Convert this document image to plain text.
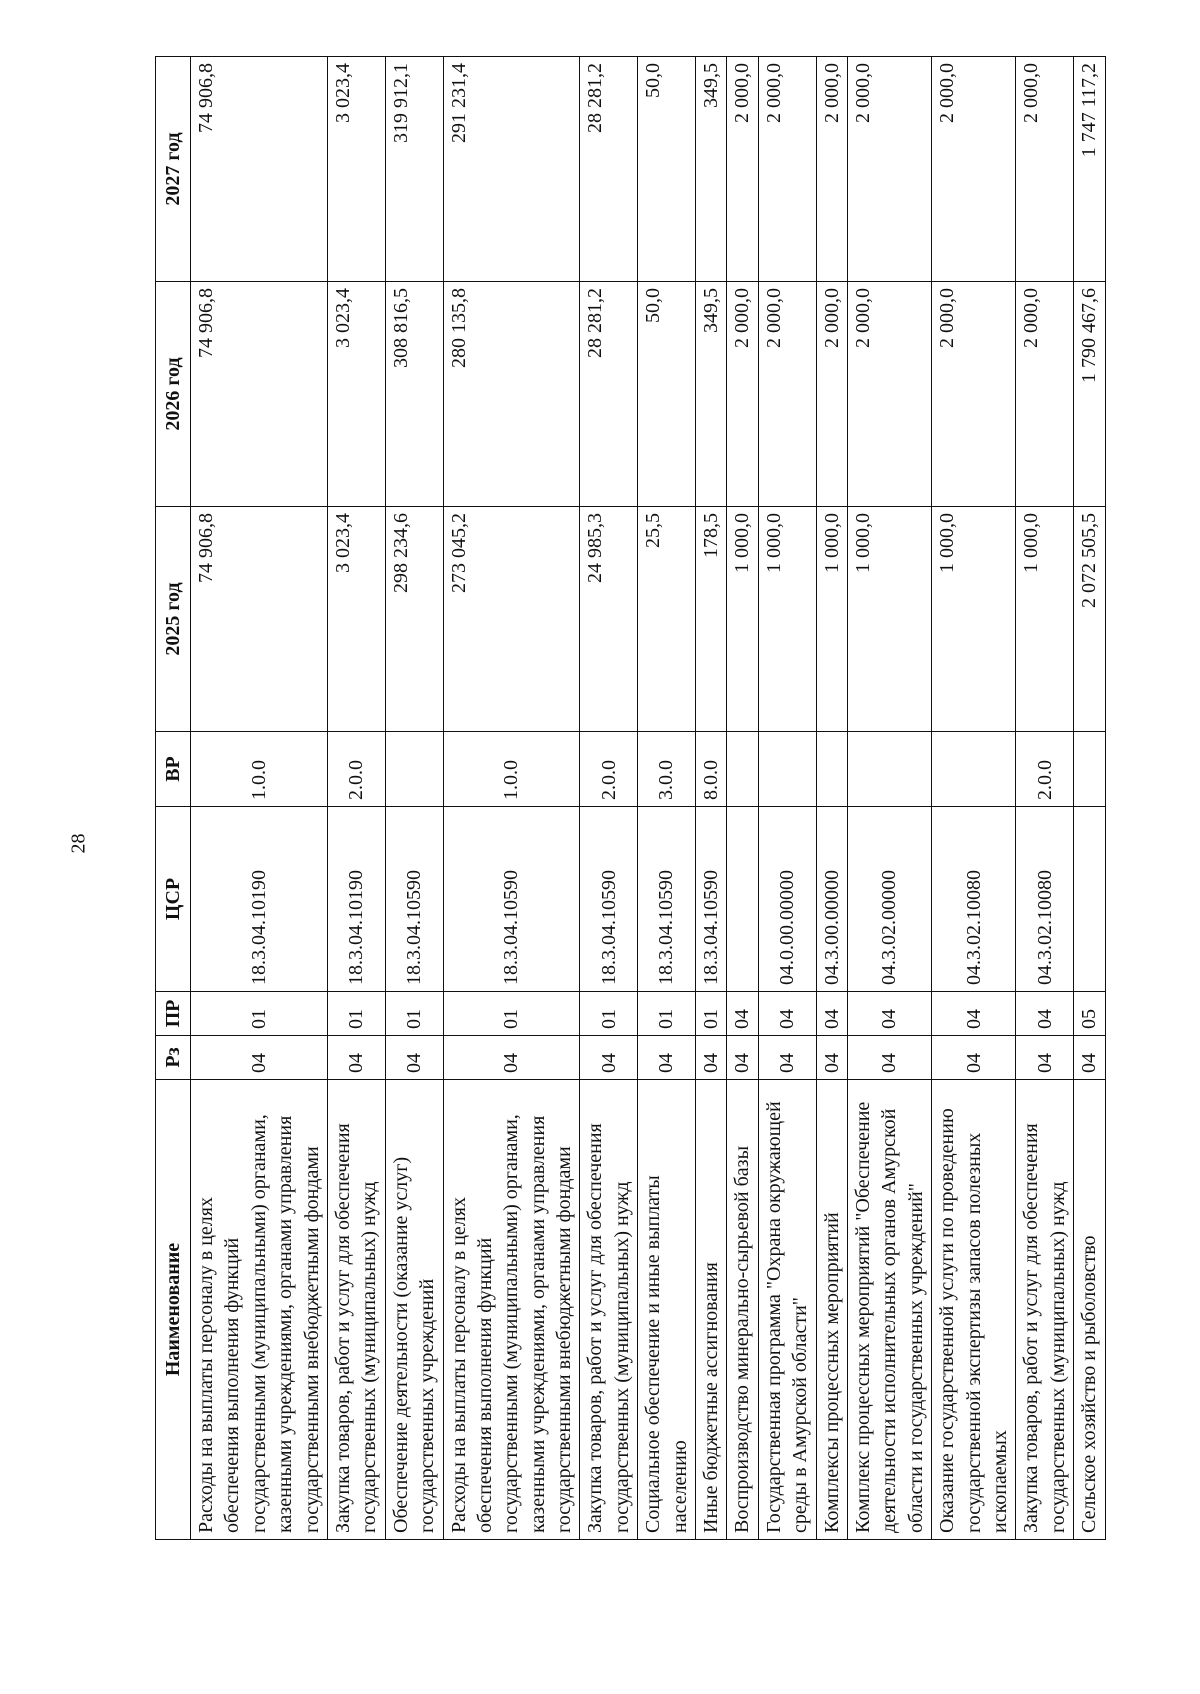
28
Наименование	Рз	ПР	ЦСР	ВР	2025 год	2026 год	2027 год
Расходы на выплаты персоналу в целях обеспечения выполнения функций государственными (муниципальными) органами, казенными учреждениями, органами управления государственными внебюджетными фондами	04	01	18.3.04.10190	1.0.0	74 906,8	74 906,8	74 906,8
Закупка товаров, работ и услуг для обеспечения государственных (муниципальных) нужд	04	01	18.3.04.10190	2.0.0	3 023,4	3 023,4	3 023,4
Обеспечение деятельности (оказание услуг) государственных учреждений	04	01	18.3.04.10590		298 234,6	308 816,5	319 912,1
Расходы на выплаты персоналу в целях обеспечения выполнения функций государственными (муниципальными) органами, казенными учреждениями, органами управления государственными внебюджетными фондами	04	01	18.3.04.10590	1.0.0	273 045,2	280 135,8	291 231,4
Закупка товаров, работ и услуг для обеспечения государственных (муниципальных) нужд	04	01	18.3.04.10590	2.0.0	24 985,3	28 281,2	28 281,2
Социальное обеспечение и иные выплаты населению	04	01	18.3.04.10590	3.0.0	25,5	50,0	50,0
Иные бюджетные ассигнования	04	01	18.3.04.10590	8.0.0	178,5	349,5	349,5
Воспроизводство минерально-сырьевой базы	04	04			1 000,0	2 000,0	2 000,0
Государственная программа "Охрана окружающей среды в Амурской области"	04	04	04.0.00.00000		1 000,0	2 000,0	2 000,0
Комплексы процессных мероприятий	04	04	04.3.00.00000		1 000,0	2 000,0	2 000,0
Комплекс процессных мероприятий "Обеспечение деятельности исполнительных органов Амурской области и государственных учреждений"	04	04	04.3.02.00000		1 000,0	2 000,0	2 000,0
Оказание государственной услуги по проведению государственной экспертизы запасов полезных ископаемых	04	04	04.3.02.10080		1 000,0	2 000,0	2 000,0
Закупка товаров, работ и услуг для обеспечения государственных (муниципальных) нужд	04	04	04.3.02.10080	2.0.0	1 000,0	2 000,0	2 000,0
Сельское хозяйство и рыболовство	04	05			2 072 505,5	1 790 467,6	1 747 117,2
